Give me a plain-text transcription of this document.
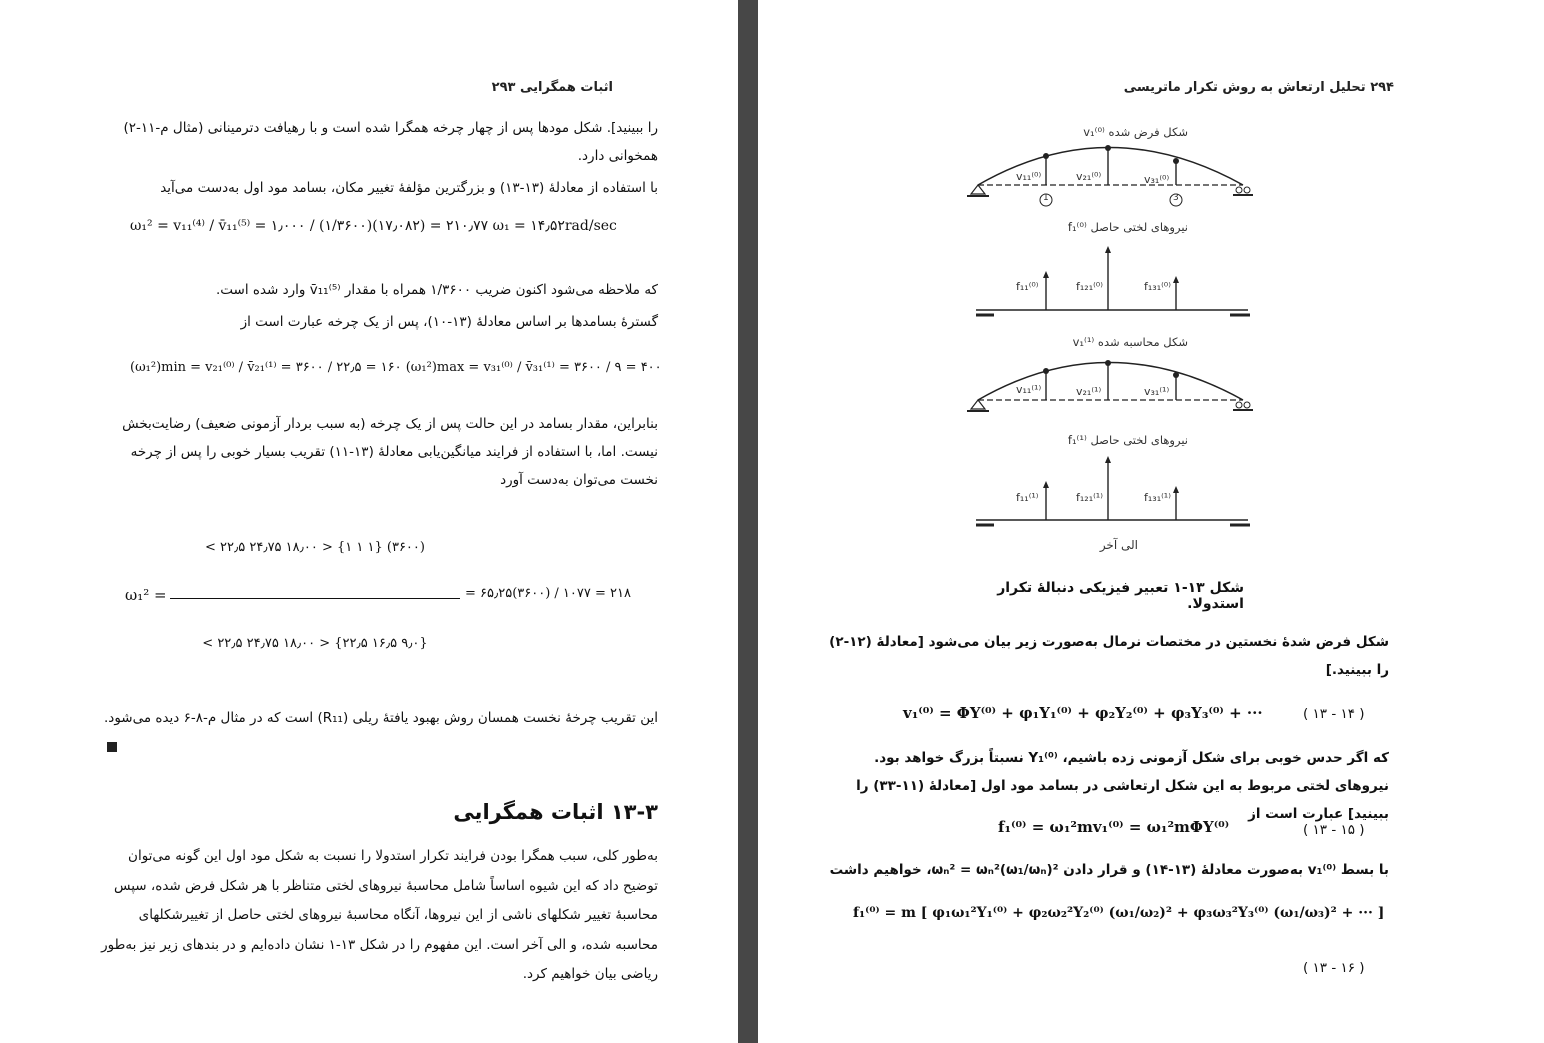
اثبات همگرایی ۲۹۳
را ببینید]. شکل مودها پس از چهار چرخه همگرا شده است و با رهیافت دترمینانی (مثال م-۱۱-۲) همخوانی دارد.
با استفاده از معادلهٔ (۱۳-۱۳) و بزرگترین مؤلفهٔ تغییر مکان، بسامد مود اول به‌دست می‌آید
ω₁² = v₁₁⁽⁴⁾ / v̄₁₁⁽⁵⁾ = ۱٫۰۰۰ / (۱/۳۶۰۰)(۱۷٫۰۸۲) = ۲۱۰٫۷۷ ω₁ = ۱۴٫۵۲rad/sec
که ملاحظه می‌شود اکنون ضریب ۱/۳۶۰۰ همراه با مقدار v̄₁₁⁽⁵⁾ وارد شده است.
گسترهٔ بسامدها بر اساس معادلهٔ (۱۳-۱۰)، پس از یک چرخه عبارت است از
(ω₁²)min = v₂₁⁽⁰⁾ / v̄₂₁⁽¹⁾ = ۳۶۰۰ / ۲۲٫۵ = ۱۶۰ (ω₁²)max = v₃₁⁽⁰⁾ / v̄₃₁⁽¹⁾ = ۳۶۰۰ / ۹ = ۴۰۰
بنابراین، مقدار بسامد در این حالت پس از یک چرخه (به سبب بردار آزمونی ضعیف) رضایت‌بخش نیست. اما، با استفاده از فرایند میانگین‌یابی معادلهٔ (۱۳-۱۱) تقریب بسیار خوبی را پس از چرخه نخست می‌توان به‌دست آورد
ω₁² =
< ۲۲٫۵ ۲۴٫۷۵ ۱۸٫۰۰ > {۱ ۱ ۱} (۳۶۰۰)
< ۲۲٫۵ ۲۴٫۷۵ ۱۸٫۰۰ > {۲۲٫۵ ۱۶٫۵ ۹٫۰}
= ۶۵٫۲۵(۳۶۰۰) / ۱۰۷۷ = ۲۱۸
این تقریب چرخهٔ نخست همسان روش بهبود یافتهٔ ریلی (R₁₁) است که در مثال م-۸-۶ دیده می‌شود.
۱۳-۳ اثبات همگرایی
به‌طور کلی، سبب همگرا بودن فرایند تکرار استدولا را نسبت به شکل مود اول این گونه می‌توان توضیح داد که این شیوه اساساً شامل محاسبهٔ نیروهای لختی متناظر با هر شکل فرض شده، سپس محاسبهٔ تغییر شکلهای ناشی از این نیروها، آنگاه محاسبهٔ نیروهای لختی حاصل از تغییرشکلهای محاسبه شده، و الی آخر است. این مفهوم را در شکل ۱۳-۱ نشان داده‌ایم و در بندهای زیر نیز به‌طور ریاضی بیان خواهیم کرد.
۲۹۴ تحلیل ارتعاش به روش تکرار ماتریسی
v₁⁽⁰⁾ شکل فرض شده
v₁₁⁽⁰⁾	v₂₁⁽⁰⁾	v₃₁⁽⁰⁾
1	3
f₁⁽⁰⁾ نیروهای لختی حاصل
f₁₁⁽⁰⁾	f₁₂₁⁽⁰⁾	f₁₃₁⁽⁰⁾
v₁⁽¹⁾ شکل محاسبه شده
v₁₁⁽¹⁾	v₂₁⁽¹⁾	v₃₁⁽¹⁾
f₁⁽¹⁾ نیروهای لختی حاصل
f₁₁⁽¹⁾	f₁₂₁⁽¹⁾	f₁₃₁⁽¹⁾
الی آخر
شکل ۱۳-۱ تعبیر فیزیکی دنبالهٔ تکرار استدولا.
شکل فرض شدهٔ نخستین در مختصات نرمال به‌صورت زیر بیان می‌شود [معادلهٔ (۱۲-۲) را ببینید.]
v₁⁽⁰⁾ = ΦY⁽⁰⁾ + φ₁Y₁⁽⁰⁾ + φ₂Y₂⁽⁰⁾ + φ₃Y₃⁽⁰⁾ + ···	( ۱۳ - ۱۴ )
که اگر حدس خوبی برای شکل آزمونی زده باشیم، Y₁⁽⁰⁾ نسبتاً بزرگ خواهد بود. نیروهای لختی مربوط به این شکل ارتعاشی در بسامد مود اول [معادلهٔ (۱۱-۳۳) را ببینید] عبارت است از
f₁⁽⁰⁾ = ω₁²mv₁⁽⁰⁾ = ω₁²mΦY⁽⁰⁾	( ۱۳ - ۱۵ )
با بسط v₁⁽⁰⁾ به‌صورت معادلهٔ (۱۳-۱۴) و قرار دادن ωₙ² = ωₙ²(ω₁/ωₙ)²، خواهیم داشت
f₁⁽⁰⁾ = m [ φ₁ω₁²Y₁⁽⁰⁾ + φ₂ω₂²Y₂⁽⁰⁾ (ω₁/ω₂)² + φ₃ω₃²Y₃⁽⁰⁾ (ω₁/ω₃)² + ··· ]
( ۱۳ - ۱۶ )
